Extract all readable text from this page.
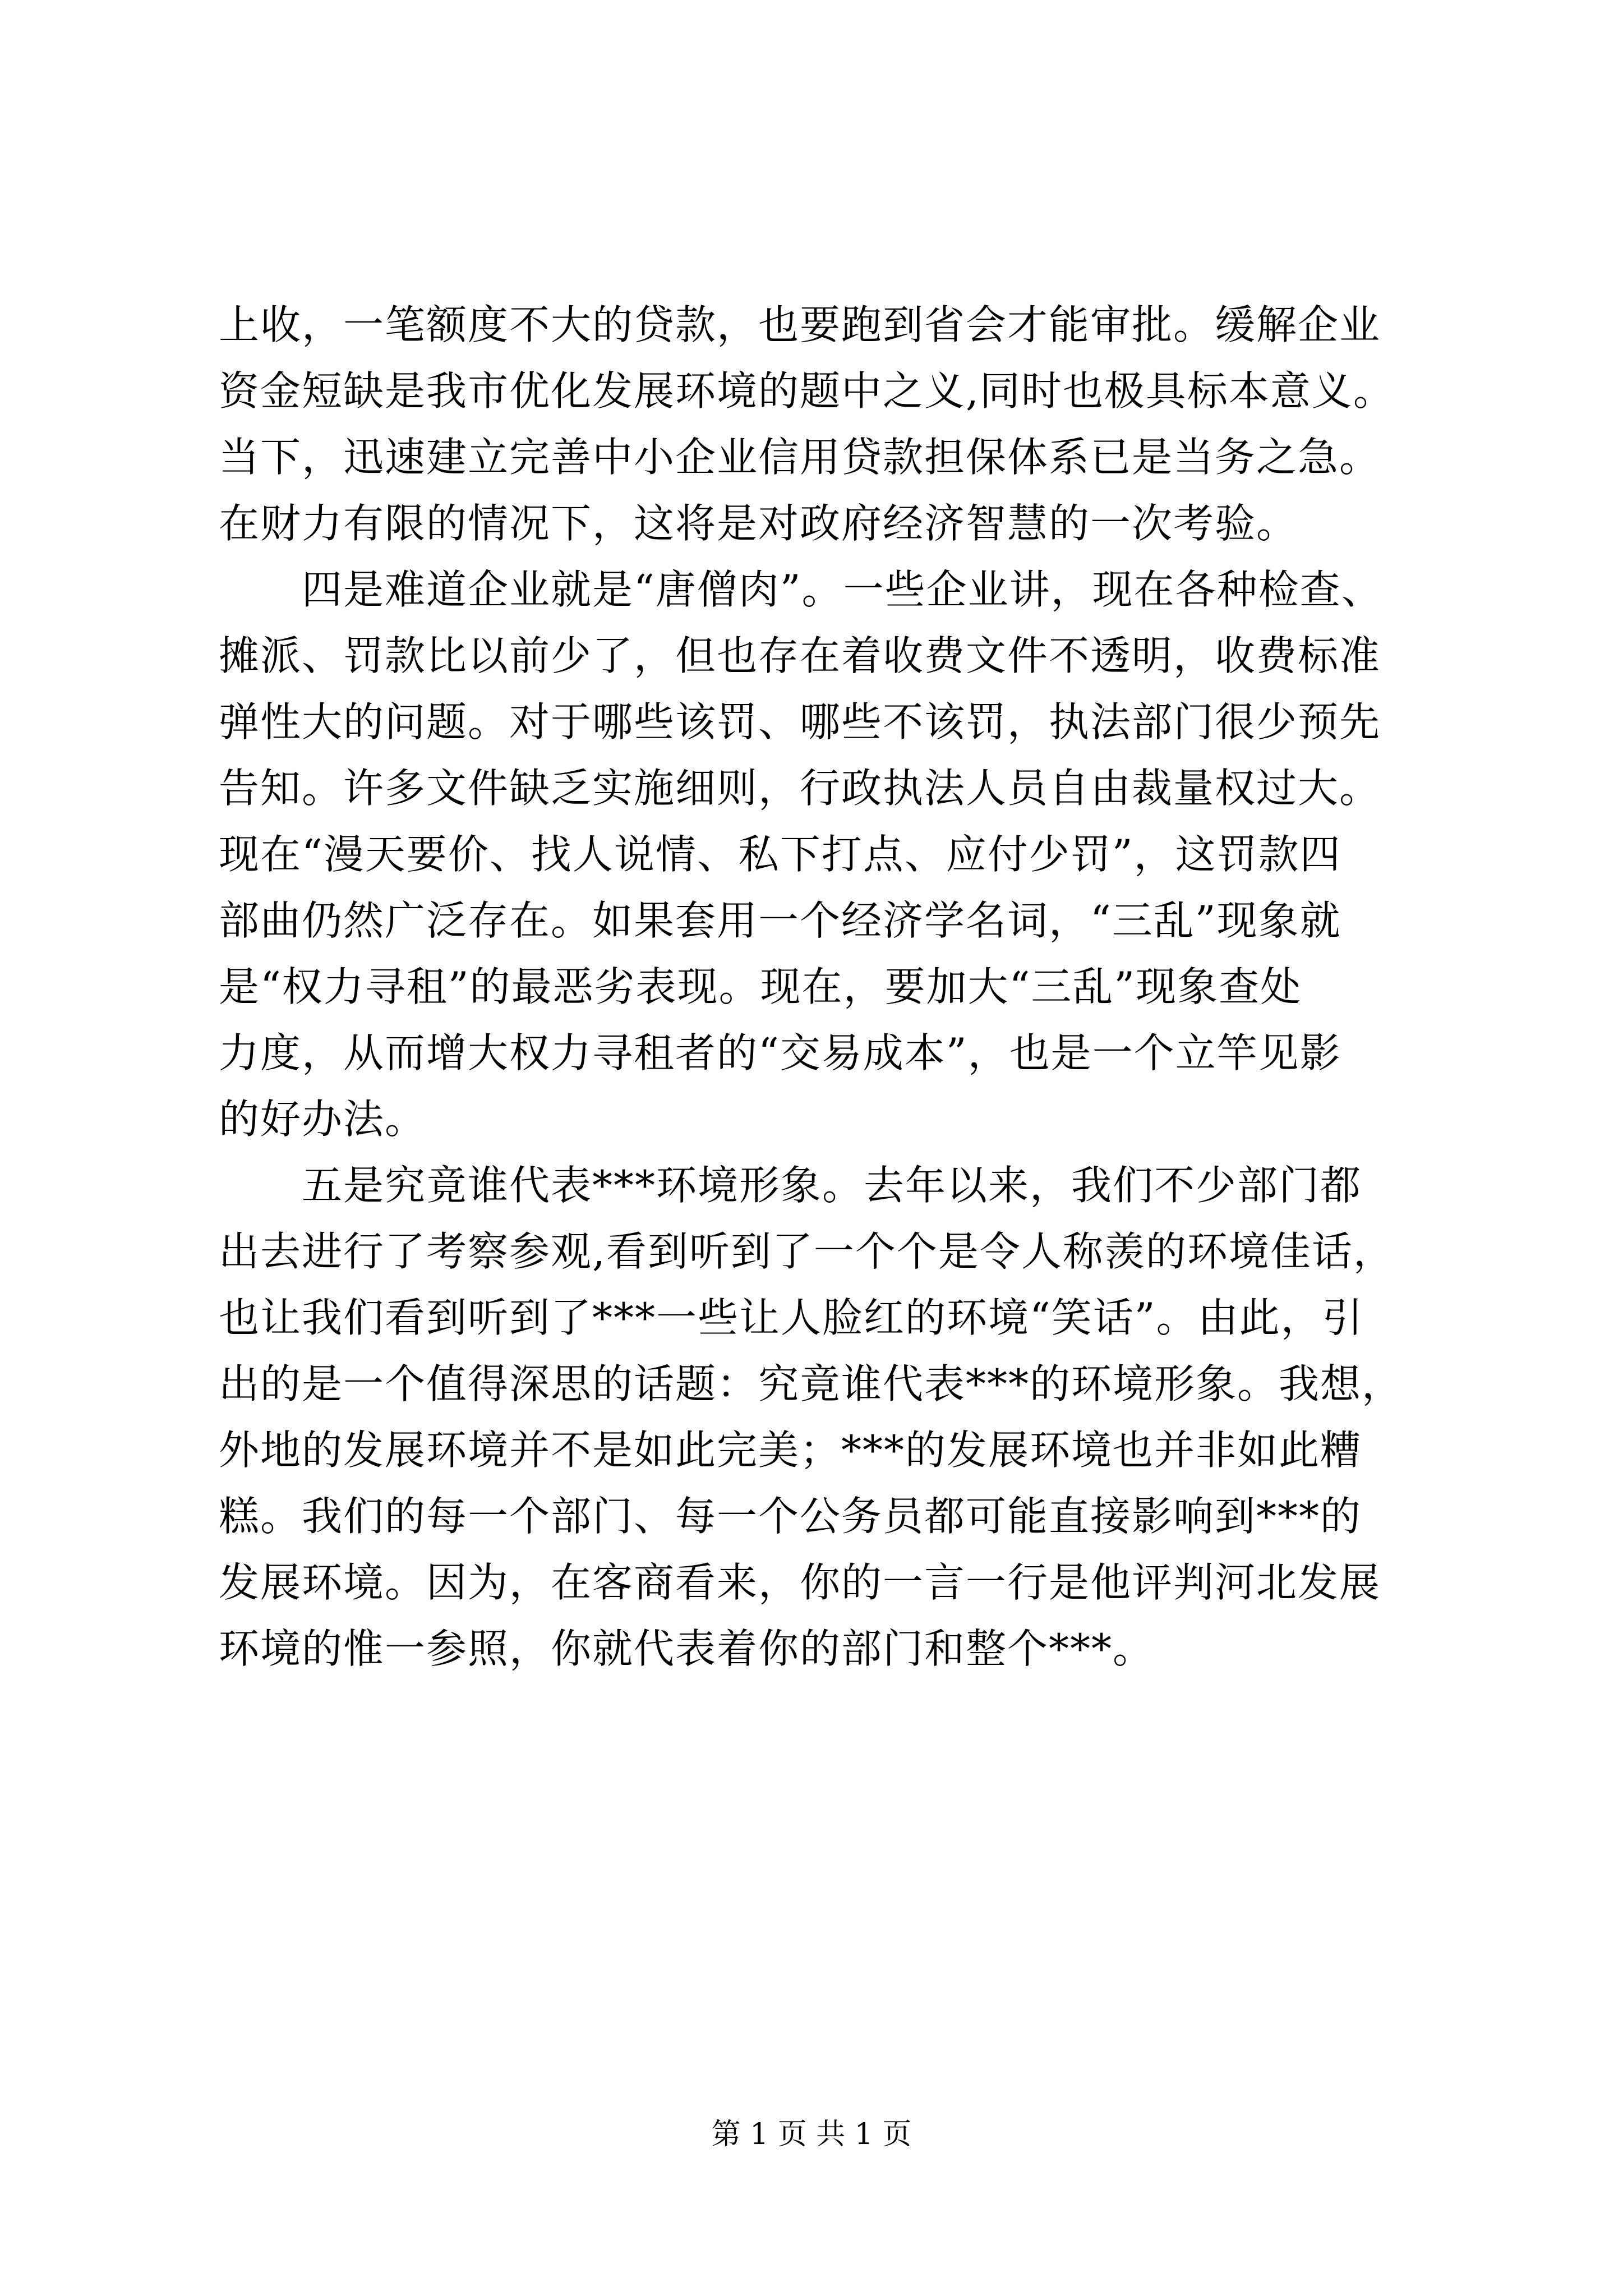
上收，一笔额度不大的贷款，也要跑到省会才能审批。缓解企业
资金短缺是我市优化发展环境的题中之义,同时也极具标本意义。
当下，迅速建立完善中小企业信用贷款担保体系已是当务之急。
在财力有限的情况下，这将是对政府经济智慧的一次考验。
　　四是难道企业就是“唐僧肉”。一些企业讲，现在各种检查、
摊派、罚款比以前少了，但也存在着收费文件不透明，收费标准
弹性大的问题。对于哪些该罚、哪些不该罚，执法部门很少预先
告知。许多文件缺乏实施细则，行政执法人员自由裁量权过大。
现在“漫天要价、找人说情、私下打点、应付少罚”，这罚款四
部曲仍然广泛存在。如果套用一个经济学名词，“三乱”现象就
是“权力寻租”的最恶劣表现。现在，要加大“三乱”现象查处
力度，从而增大权力寻租者的“交易成本”，也是一个立竿见影
的好办法。
　　五是究竟谁代表***环境形象。去年以来，我们不少部门都
出去进行了考察参观,看到听到了一个个是令人称羡的环境佳话，
也让我们看到听到了***一些让人脸红的环境“笑话”。由此，引
出的是一个值得深思的话题：究竟谁代表***的环境形象。我想，
外地的发展环境并不是如此完美；***的发展环境也并非如此糟
糕。我们的每一个部门、每一个公务员都可能直接影响到***的
发展环境。因为，在客商看来，你的一言一行是他评判河北发展
环境的惟一参照，你就代表着你的部门和整个***。
第 1 页 共 1 页
